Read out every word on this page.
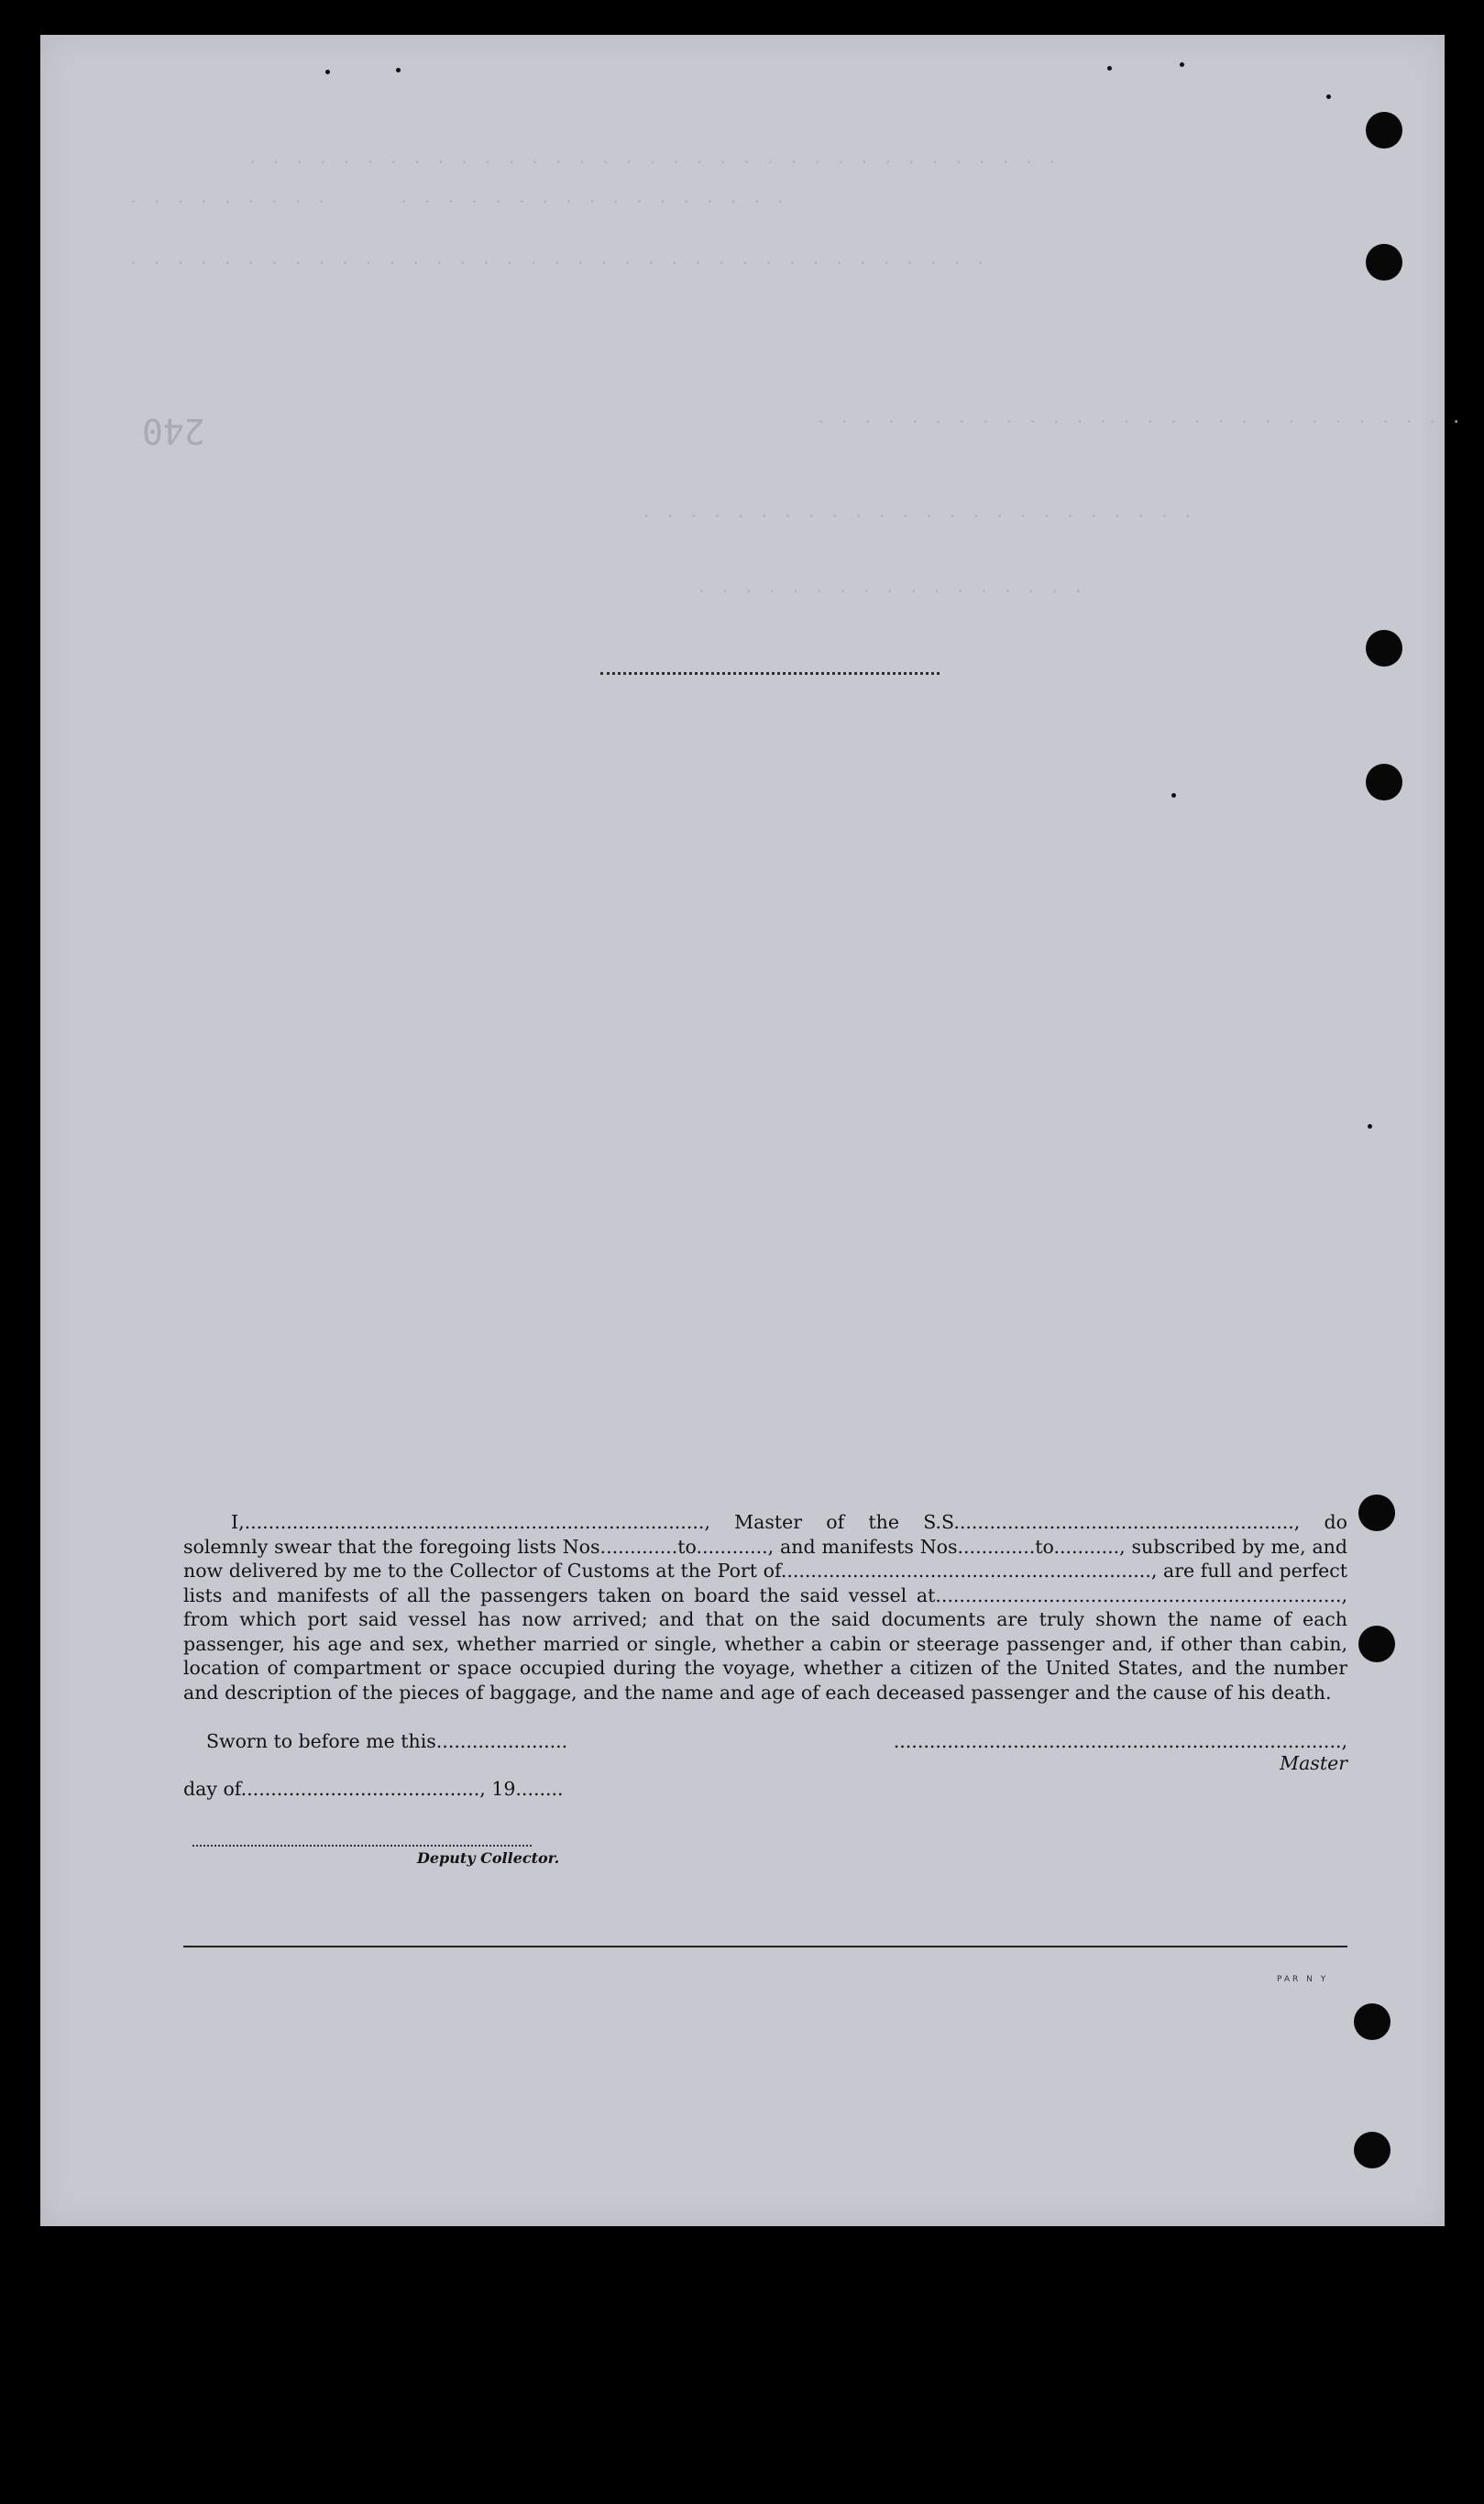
. . . . . . . . . . . . . . . . . . . . . . . . . . . . . . . . . . .
. . . . . . . . .      . . . . . . . . . . . . . . . . .
. . . . . . . . . . . . . . . . . . . . . . . . . . . . . . . . . . . . .
. . . . . . . . . . . . . . . . . . . . . . . . . . . .
. . . . . . . . . . . . . . . . . . . . . . . .
. . . . . . . . . . . . . . . . .
240

I,............................................................................., Master of the S.S........................................................., do solemnly swear that the foregoing lists Nos.............to............, and manifests Nos.............to..........., subscribed by me, and now delivered by me to the Collector of Customs at the Port of.............................................................., are full and perfect lists and manifests of all the passengers taken on board the said vessel at...................................................................., from which port said vessel has now arrived; and that on the said documents are truly shown the name of each passenger, his age and sex, whether married or single, whether a cabin or steerage passenger and, if other than cabin, location of compartment or space occupied during the voyage, whether a citizen of the United States, and the number and description of the pieces of baggage, and the name and age of each deceased passenger and the cause of his death.

Sworn to before me this......................	..........................................................................., Master
day of........................................, 19........
Deputy Collector.
PAR N Y
